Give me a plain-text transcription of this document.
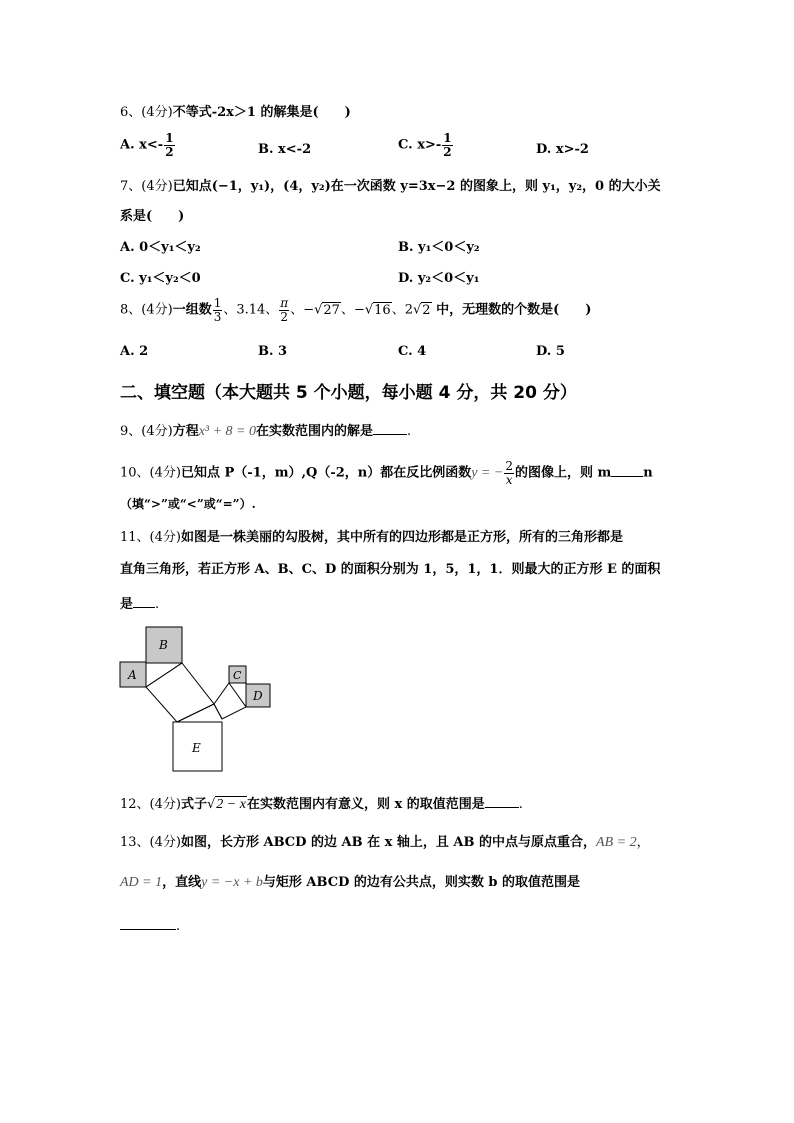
6、(4分)不等式-2x＞1 的解集是(　　)
A. $x<- \frac{1}{2}$	B. x<-2	C. $x>- \frac{1}{2}$	D. x>-2
7、(4分)已知点(−1，y₁)，(4，y₂)在一次函数 y=3x−2 的图象上，则 y₁，y₂，0 的大小关
系是(　　)
A. 0＜y₁＜y₂	B. y₁＜0＜y₂
C. y₁＜y₂＜0	D. y₂＜0＜y₁
8、(4分)一组数 $\frac{1}{3}$ 、3.14、 $\frac{\pi}{2}$ 、−√27、−√16、2√2 中，无理数的个数是(　　)
A. 2	B. 3	C. 4	D. 5
二、填空题（本大题共 5 个小题，每小题 4 分，共 20 分）
9、(4分)方程x³ + 8 = 0在实数范围内的解是	.
10、(4分)已知点 P（-1，m）,Q（-2，n）都在反比例函数y = − $\frac{2}{x}$ 的图像上，则 m n
（填“>”或“<”或“=”）.
11、(4分)如图是一株美丽的勾股树，其中所有的四边形都是正方形，所有的三角形都是
直角三角形，若正方形 A、B、C、D 的面积分别为 1，5，1，1．则最大的正方形 E 的面积
是 .
B
A	C
D
E
12、(4分)式子√2 − x在实数范围内有意义，则 x 的取值范围是	.
13、(4分)如图，长方形 ABCD 的边 AB 在 x 轴上，且 AB 的中点与原点重合，AB = 2，
AD = 1，直线y = −x + b与矩形 ABCD 的边有公共点，则实数 b 的取值范围是
.
